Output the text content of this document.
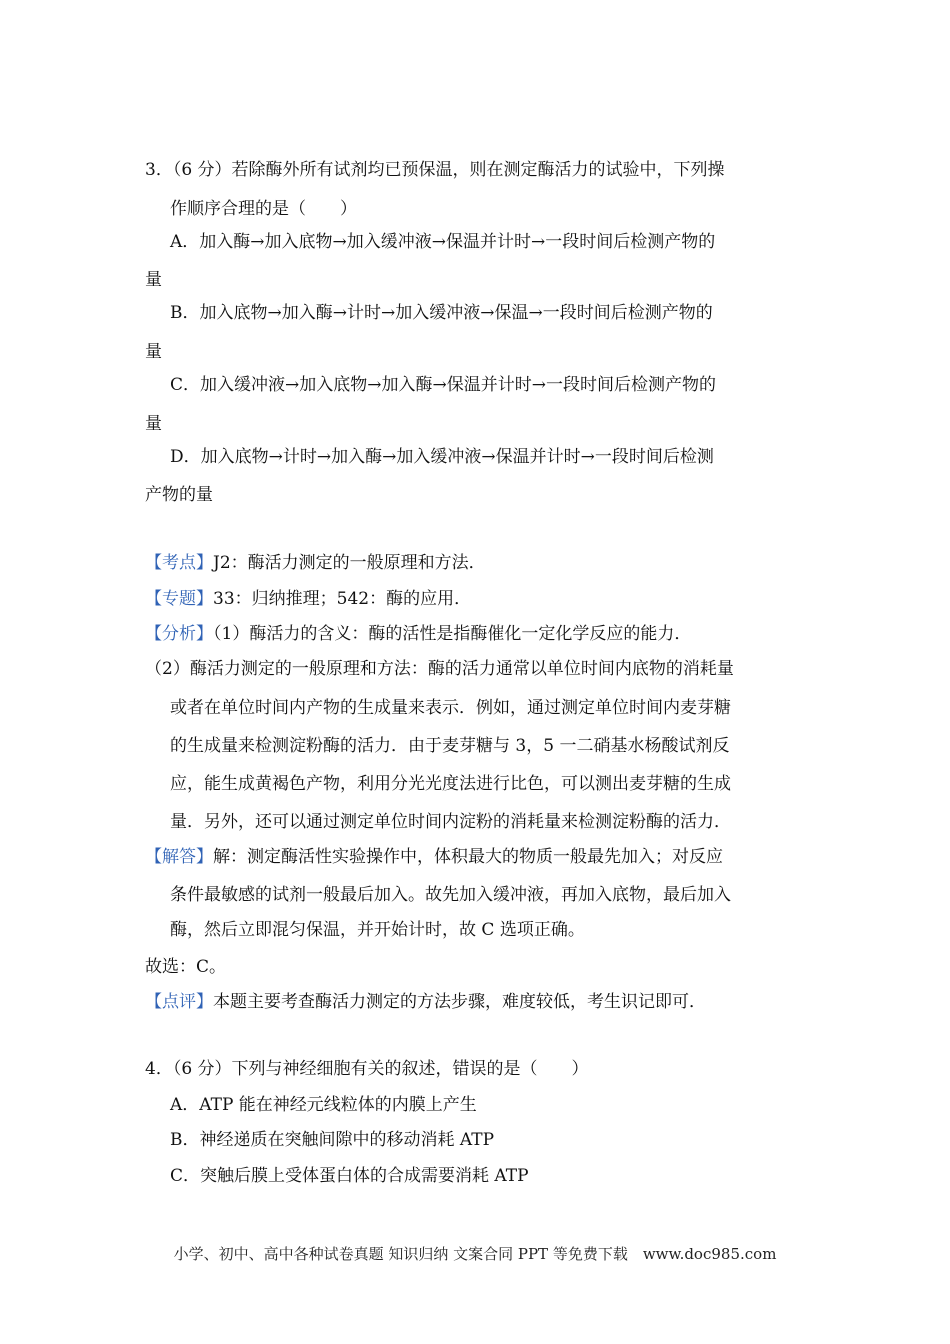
3．（6 分）若除酶外所有试剂均已预保温，则在测定酶活力的试验中，下列操
作顺序合理的是（　　）
A．加入酶→加入底物→加入缓冲液→保温并计时→一段时间后检测产物的
量
B．加入底物→加入酶→计时→加入缓冲液→保温→一段时间后检测产物的
量
C．加入缓冲液→加入底物→加入酶→保温并计时→一段时间后检测产物的
量
D．加入底物→计时→加入酶→加入缓冲液→保温并计时→一段时间后检测
产物的量
【考点】J2：酶活力测定的一般原理和方法．
【专题】33：归纳推理；542：酶的应用．
【分析】（1）酶活力的含义：酶的活性是指酶催化一定化学反应的能力．
（2）酶活力测定的一般原理和方法：酶的活力通常以单位时间内底物的消耗量
或者在单位时间内产物的生成量来表示．例如，通过测定单位时间内麦芽糖
的生成量来检测淀粉酶的活力．由于麦芽糖与 3，5 一二硝基水杨酸试剂反
应，能生成黄褐色产物，利用分光光度法进行比色，可以测出麦芽糖的生成
量．另外，还可以通过测定单位时间内淀粉的消耗量来检测淀粉酶的活力．
【解答】解：测定酶活性实验操作中，体积最大的物质一般最先加入；对反应
条件最敏感的试剂一般最后加入。故先加入缓冲液，再加入底物，最后加入
酶，然后立即混匀保温，并开始计时，故 C 选项正确。
故选：C。
【点评】本题主要考查酶活力测定的方法步骤，难度较低，考生识记即可．
4．（6 分）下列与神经细胞有关的叙述，错误的是（　　）
A．ATP 能在神经元线粒体的内膜上产生
B．神经递质在突触间隙中的移动消耗 ATP
C．突触后膜上受体蛋白体的合成需要消耗 ATP
小学、初中、高中各种试卷真题 知识归纳 文案合同 PPT 等免费下载　www.doc985.com
